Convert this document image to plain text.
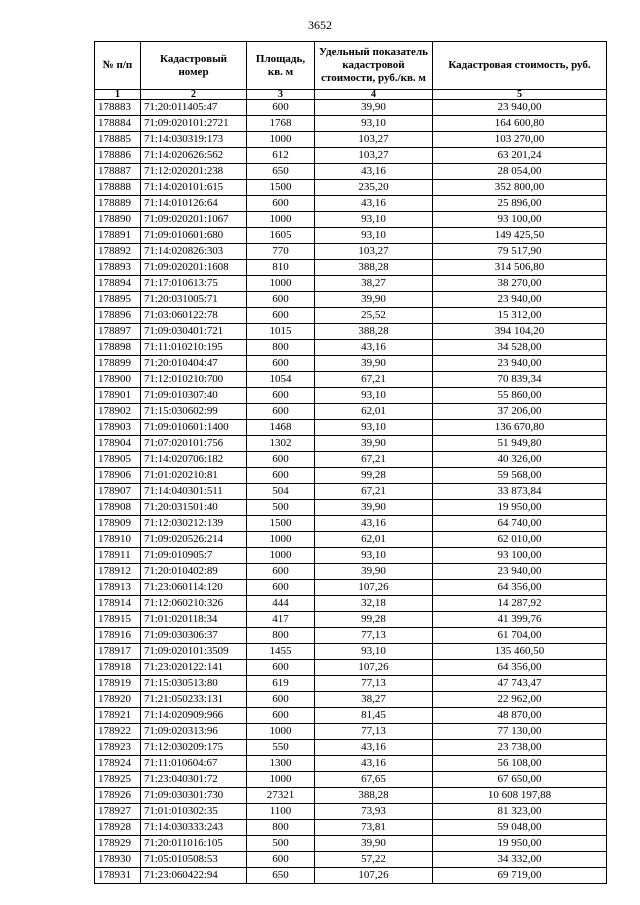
3652
№ п/п	Кадастровый номер	Площадь, кв. м	Удельный показатель кадастровой стоимости, руб./кв. м	Кадастровая стоимость, руб.
1	2	3	4	5
178883	71:20:011405:47	600	39,90	23 940,00
178884	71:09:020101:2721	1768	93,10	164 600,80
178885	71:14:030319:173	1000	103,27	103 270,00
178886	71:14:020626:562	612	103,27	63 201,24
178887	71:12:020201:238	650	43,16	28 054,00
178888	71:14:020101:615	1500	235,20	352 800,00
178889	71:14:010126:64	600	43,16	25 896,00
178890	71:09:020201:1067	1000	93,10	93 100,00
178891	71:09:010601:680	1605	93,10	149 425,50
178892	71:14:020826:303	770	103,27	79 517,90
178893	71:09:020201:1608	810	388,28	314 506,80
178894	71:17:010613:75	1000	38,27	38 270,00
178895	71:20:031005:71	600	39,90	23 940,00
178896	71:03:060122:78	600	25,52	15 312,00
178897	71:09:030401:721	1015	388,28	394 104,20
178898	71:11:010210:195	800	43,16	34 528,00
178899	71:20:010404:47	600	39,90	23 940,00
178900	71:12:010210:700	1054	67,21	70 839,34
178901	71:09:010307:40	600	93,10	55 860,00
178902	71:15:030602:99	600	62,01	37 206,00
178903	71:09:010601:1400	1468	93,10	136 670,80
178904	71:07:020101:756	1302	39,90	51 949,80
178905	71:14:020706:182	600	67,21	40 326,00
178906	71:01:020210:81	600	99,28	59 568,00
178907	71:14:040301:511	504	67,21	33 873,84
178908	71:20:031501:40	500	39,90	19 950,00
178909	71:12:030212:139	1500	43,16	64 740,00
178910	71:09:020526:214	1000	62,01	62 010,00
178911	71:09:010905:7	1000	93,10	93 100,00
178912	71:20:010402:89	600	39,90	23 940,00
178913	71:23:060114:120	600	107,26	64 356,00
178914	71:12:060210:326	444	32,18	14 287,92
178915	71:01:020118:34	417	99,28	41 399,76
178916	71:09:030306:37	800	77,13	61 704,00
178917	71:09:020101:3509	1455	93,10	135 460,50
178918	71:23:020122:141	600	107,26	64 356,00
178919	71:15:030513:80	619	77,13	47 743,47
178920	71:21:050233:131	600	38,27	22 962,00
178921	71:14:020909:966	600	81,45	48 870,00
178922	71:09:020313:96	1000	77,13	77 130,00
178923	71:12:030209:175	550	43,16	23 738,00
178924	71:11:010604:67	1300	43,16	56 108,00
178925	71:23:040301:72	1000	67,65	67 650,00
178926	71:09:030301:730	27321	388,28	10 608 197,88
178927	71:01:010302:35	1100	73,93	81 323,00
178928	71:14:030333:243	800	73,81	59 048,00
178929	71:20:011016:105	500	39,90	19 950,00
178930	71:05:010508:53	600	57,22	34 332,00
178931	71:23:060422:94	650	107,26	69 719,00
